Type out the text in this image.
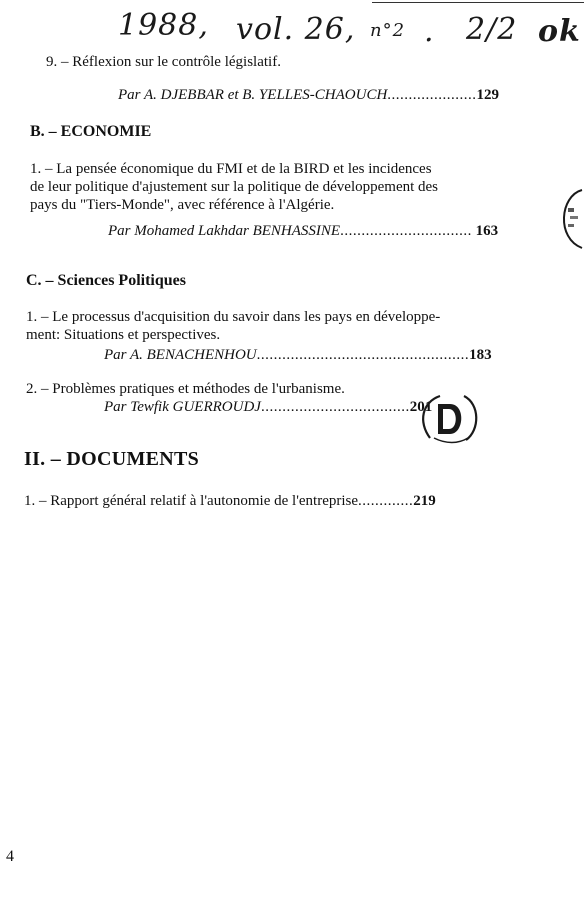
1988, vol. 26, n°2 . 2/2 ok
9. – Réflexion sur le contrôle législatif.
Par A. DJEBBAR et B. YELLES-CHAOUCH.....................129
B. – ECONOMIE
1. – La pensée économique du FMI et de la BIRD et les incidences
de leur politique d'ajustement sur la politique de développement des
pays du "Tiers-Monde", avec référence à l'Algérie.
Par Mohamed Lakhdar BENHASSINE............................... 163
C. – Sciences Politiques
1. – Le processus d'acquisition du savoir dans les pays en développe-
ment: Situations et perspectives.
Par A. BENACHENHOU..................................................183
2. – Problèmes pratiques et méthodes de l'urbanisme.
Par Tewfik GUERROUDJ...................................201
II. – DOCUMENTS
1. – Rapport général relatif à l'autonomie de l'entreprise.............219
4
